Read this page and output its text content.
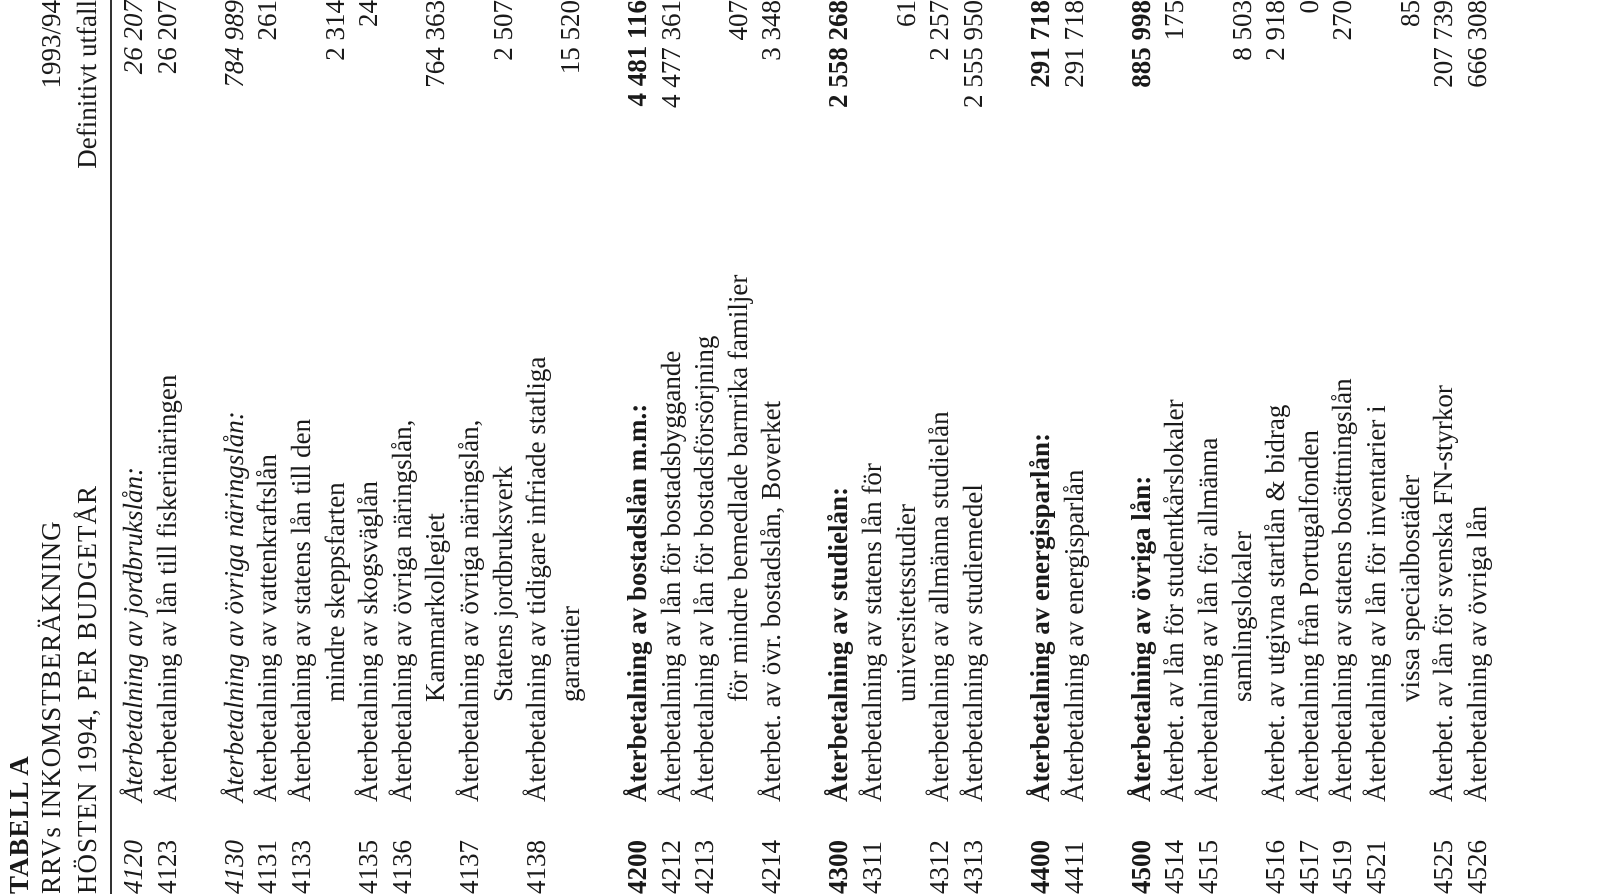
TABELL A RRVs INKOMSTBERÄKNING HÖSTEN 1994, PER BUDGETÅR
1993/94 Definitivt utfall
4120
Återbetalning av jordbrukslån:
26 207
4123
Återbetalning av lån till fiskerinäringen
26 207
4130
Återbetalning av övriga näringslån:
784 989
4131
Återbetalning av vattenkraftslån
261
4133
Återbetalning av statens lån till den mindre skeppsfarten
2 314
4135
Återbetalning av skogsväglån
24
4136
Återbetalning av övriga näringslån, Kammarkollegiet
764 363
4137
Återbetalning av övriga näringslån, Statens jordbruksverk
2 507
4138
Återbetalning av tidigare infriade statliga garantier
15 520
4200
Återbetalning av bostadslån m.m.:
4 481 116
4212
Återbetalning av lån för bostadsbyggande
4 477 361
4213
Återbetalning av lån för bostadsförsörjning för mindre bemedlade barnrika familjer
407
4214
Återbet. av övr. bostadslån, Boverket
3 348
4300
Återbetalning av studielån:
2 558 268
4311
Återbetalning av statens lån för universitetsstudier
61
4312
Återbetalning av allmänna studielån
2 257
4313
Återbetalning av studiemedel
2 555 950
4400
Återbetalning av energisparlån:
291 718
4411
Återbetalning av energisparlån
291 718
4500
Återbetalning av övriga lån:
885 998
4514
Återbet. av lån för studentkårslokaler
175
4515
Återbetalning av lån för allmänna samlingslokaler
8 503
4516
Återbet. av utgivna startlån & bidrag
2 918
4517
Återbetalning från Portugalfonden
0
4519
Återbetalning av statens bosättningslån
270
4521
Återbetalning av lån för inventarier i vissa specialbostäder
85
4525
Återbet. av lån för svenska FN-styrkor
207 739
4526
Återbetalning av övriga lån
666 308
